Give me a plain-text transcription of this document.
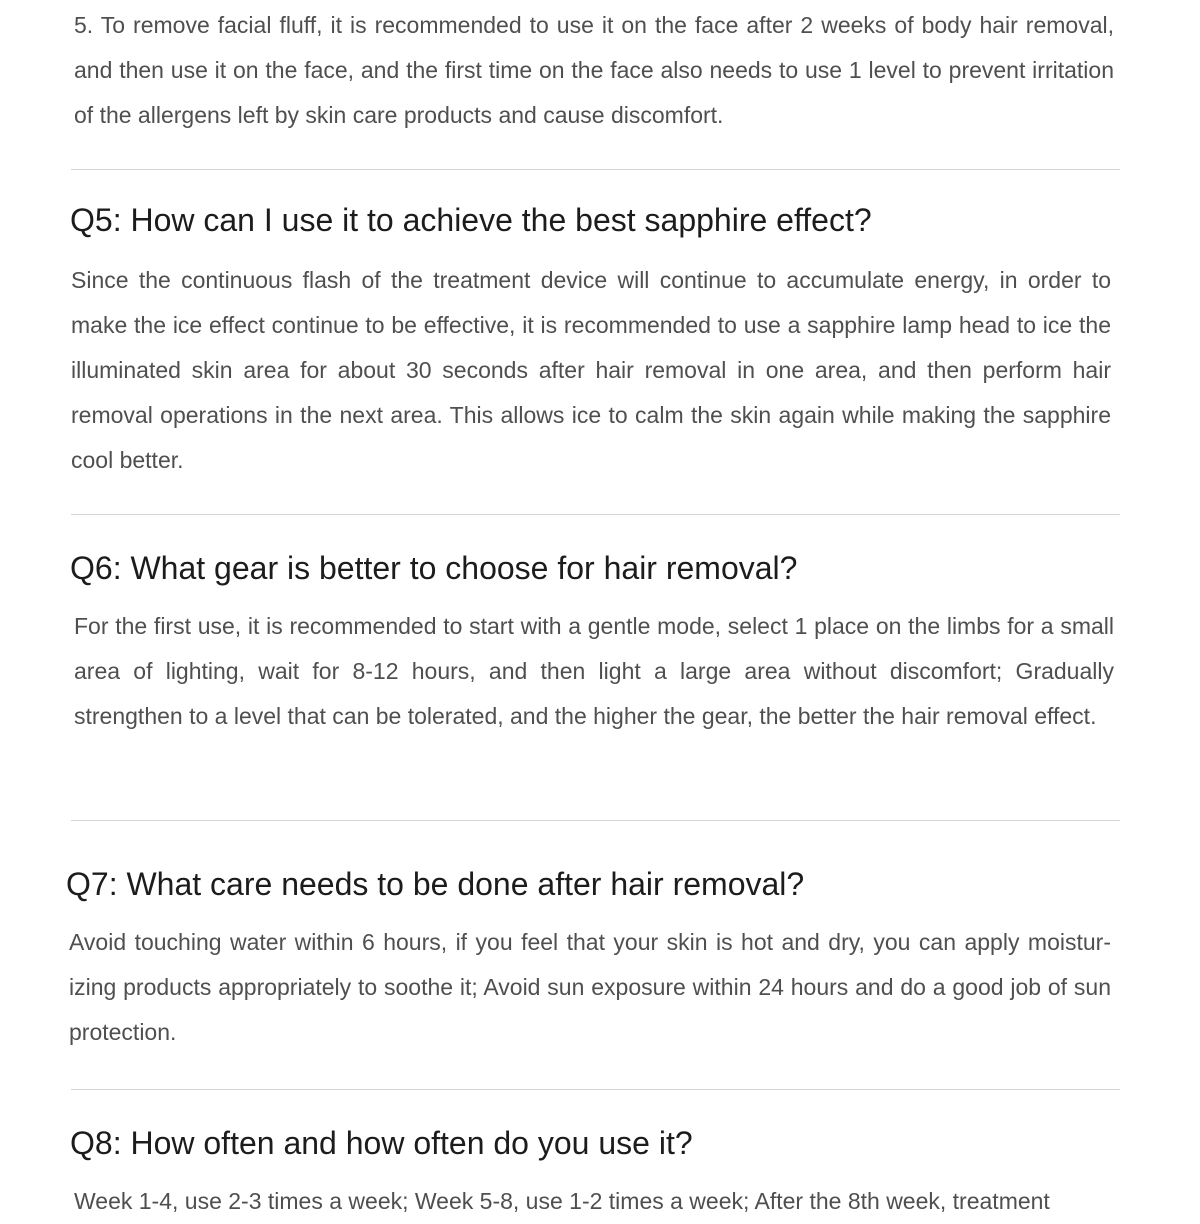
5. To remove facial fluff, it is recommended to use it on the face after 2 weeks of body hair removal, and then use it on the face, and the first time on the face also needs to use 1 level to prevent irritation of the allergens left by skin care products and cause discomfort.

Q5: How can I use it to achieve the best sapphire effect?

Since the continuous flash of the treatment device will continue to accumulate energy, in order to make the ice effect continue to be effective, it is recommended to use a sapphire lamp head to ice the illuminated skin area for about 30 seconds after hair removal in one area, and then perform hair removal operations in the next area. This allows ice to calm the skin again while making the sapphire cool better.

Q6: What gear is better to choose for hair removal?

For the first use, it is recommended to start with a gentle mode, select 1 place on the limbs for a small area of lighting, wait for 8-12 hours, and then light a large area without discomfort; Gradually strengthen to a level that can be tolerated, and the higher the gear, the better the hair removal effect.

Q7: What care needs to be done after hair removal?

Avoid touching water within 6 hours, if you feel that your skin is hot and dry, you can apply moisturizing products appropriately to soothe it; Avoid sun exposure within 24 hours and do a good job of sun protection.

Q8: How often and how often do you use it?

Week 1-4, use 2-3 times a week; Week 5-8, use 1-2 times a week; After the 8th week, treatment
